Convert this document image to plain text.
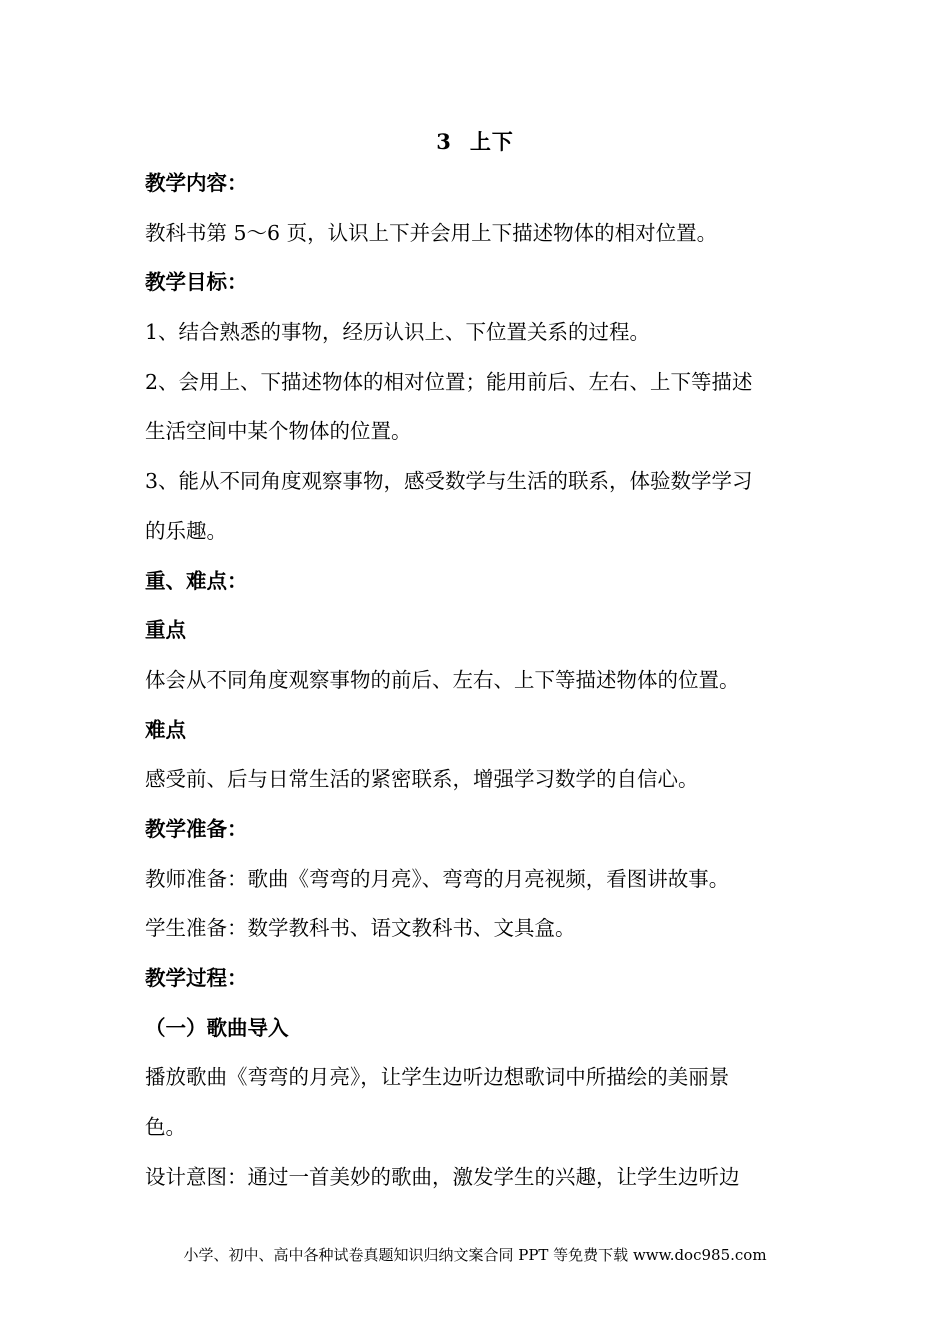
3 上下
教学内容：
教科书第 5～6 页，认识上下并会用上下描述物体的相对位置。
教学目标：
1、结合熟悉的事物，经历认识上、下位置关系的过程。
2、会用上、下描述物体的相对位置；能用前后、左右、上下等描述
生活空间中某个物体的位置。
3、能从不同角度观察事物，感受数学与生活的联系，体验数学学习
的乐趣。
重、难点：
重点
体会从不同角度观察事物的前后、左右、上下等描述物体的位置。
难点
感受前、后与日常生活的紧密联系，增强学习数学的自信心。
教学准备：
教师准备：歌曲《弯弯的月亮》、弯弯的月亮视频，看图讲故事。
学生准备：数学教科书、语文教科书、文具盒。
教学过程：
（一）歌曲导入
播放歌曲《弯弯的月亮》，让学生边听边想歌词中所描绘的美丽景
色。
设计意图：通过一首美妙的歌曲，激发学生的兴趣，让学生边听边
小学、初中、高中各种试卷真题知识归纳文案合同 PPT 等免费下载 www.doc985.com
